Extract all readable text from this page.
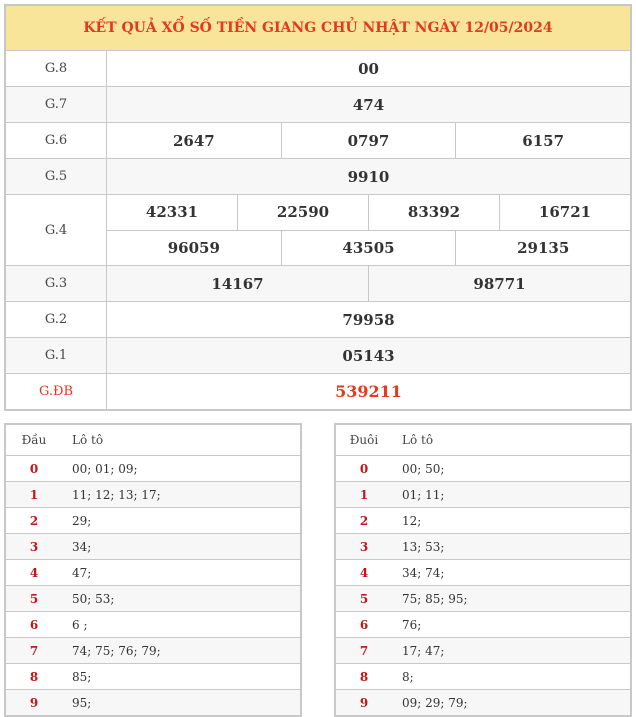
KẾT QUẢ XỔ SỐ TIỀN GIANG CHỦ NHẬT NGÀY 12/05/2024
G.8	00
G.7	474
G.6	2647	0797	6157
G.5	9910
G.4
42331	22590	83392	16721
96059	43505	29135
G.3	14167	98771
G.2	79958
G.1	05143
G.ĐB	539211
Đầu	Lô tô
0	00; 01; 09;
1	11; 12; 13; 17;
2	29;
3	34;
4	47;
5	50; 53;
6	6 ;
7	74; 75; 76; 79;
8	85;
9	95;
Đuôi	Lô tô
0	00; 50;
1	01; 11;
2	12;
3	13; 53;
4	34; 74;
5	75; 85; 95;
6	76;
7	17; 47;
8	8;
9	09; 29; 79;
